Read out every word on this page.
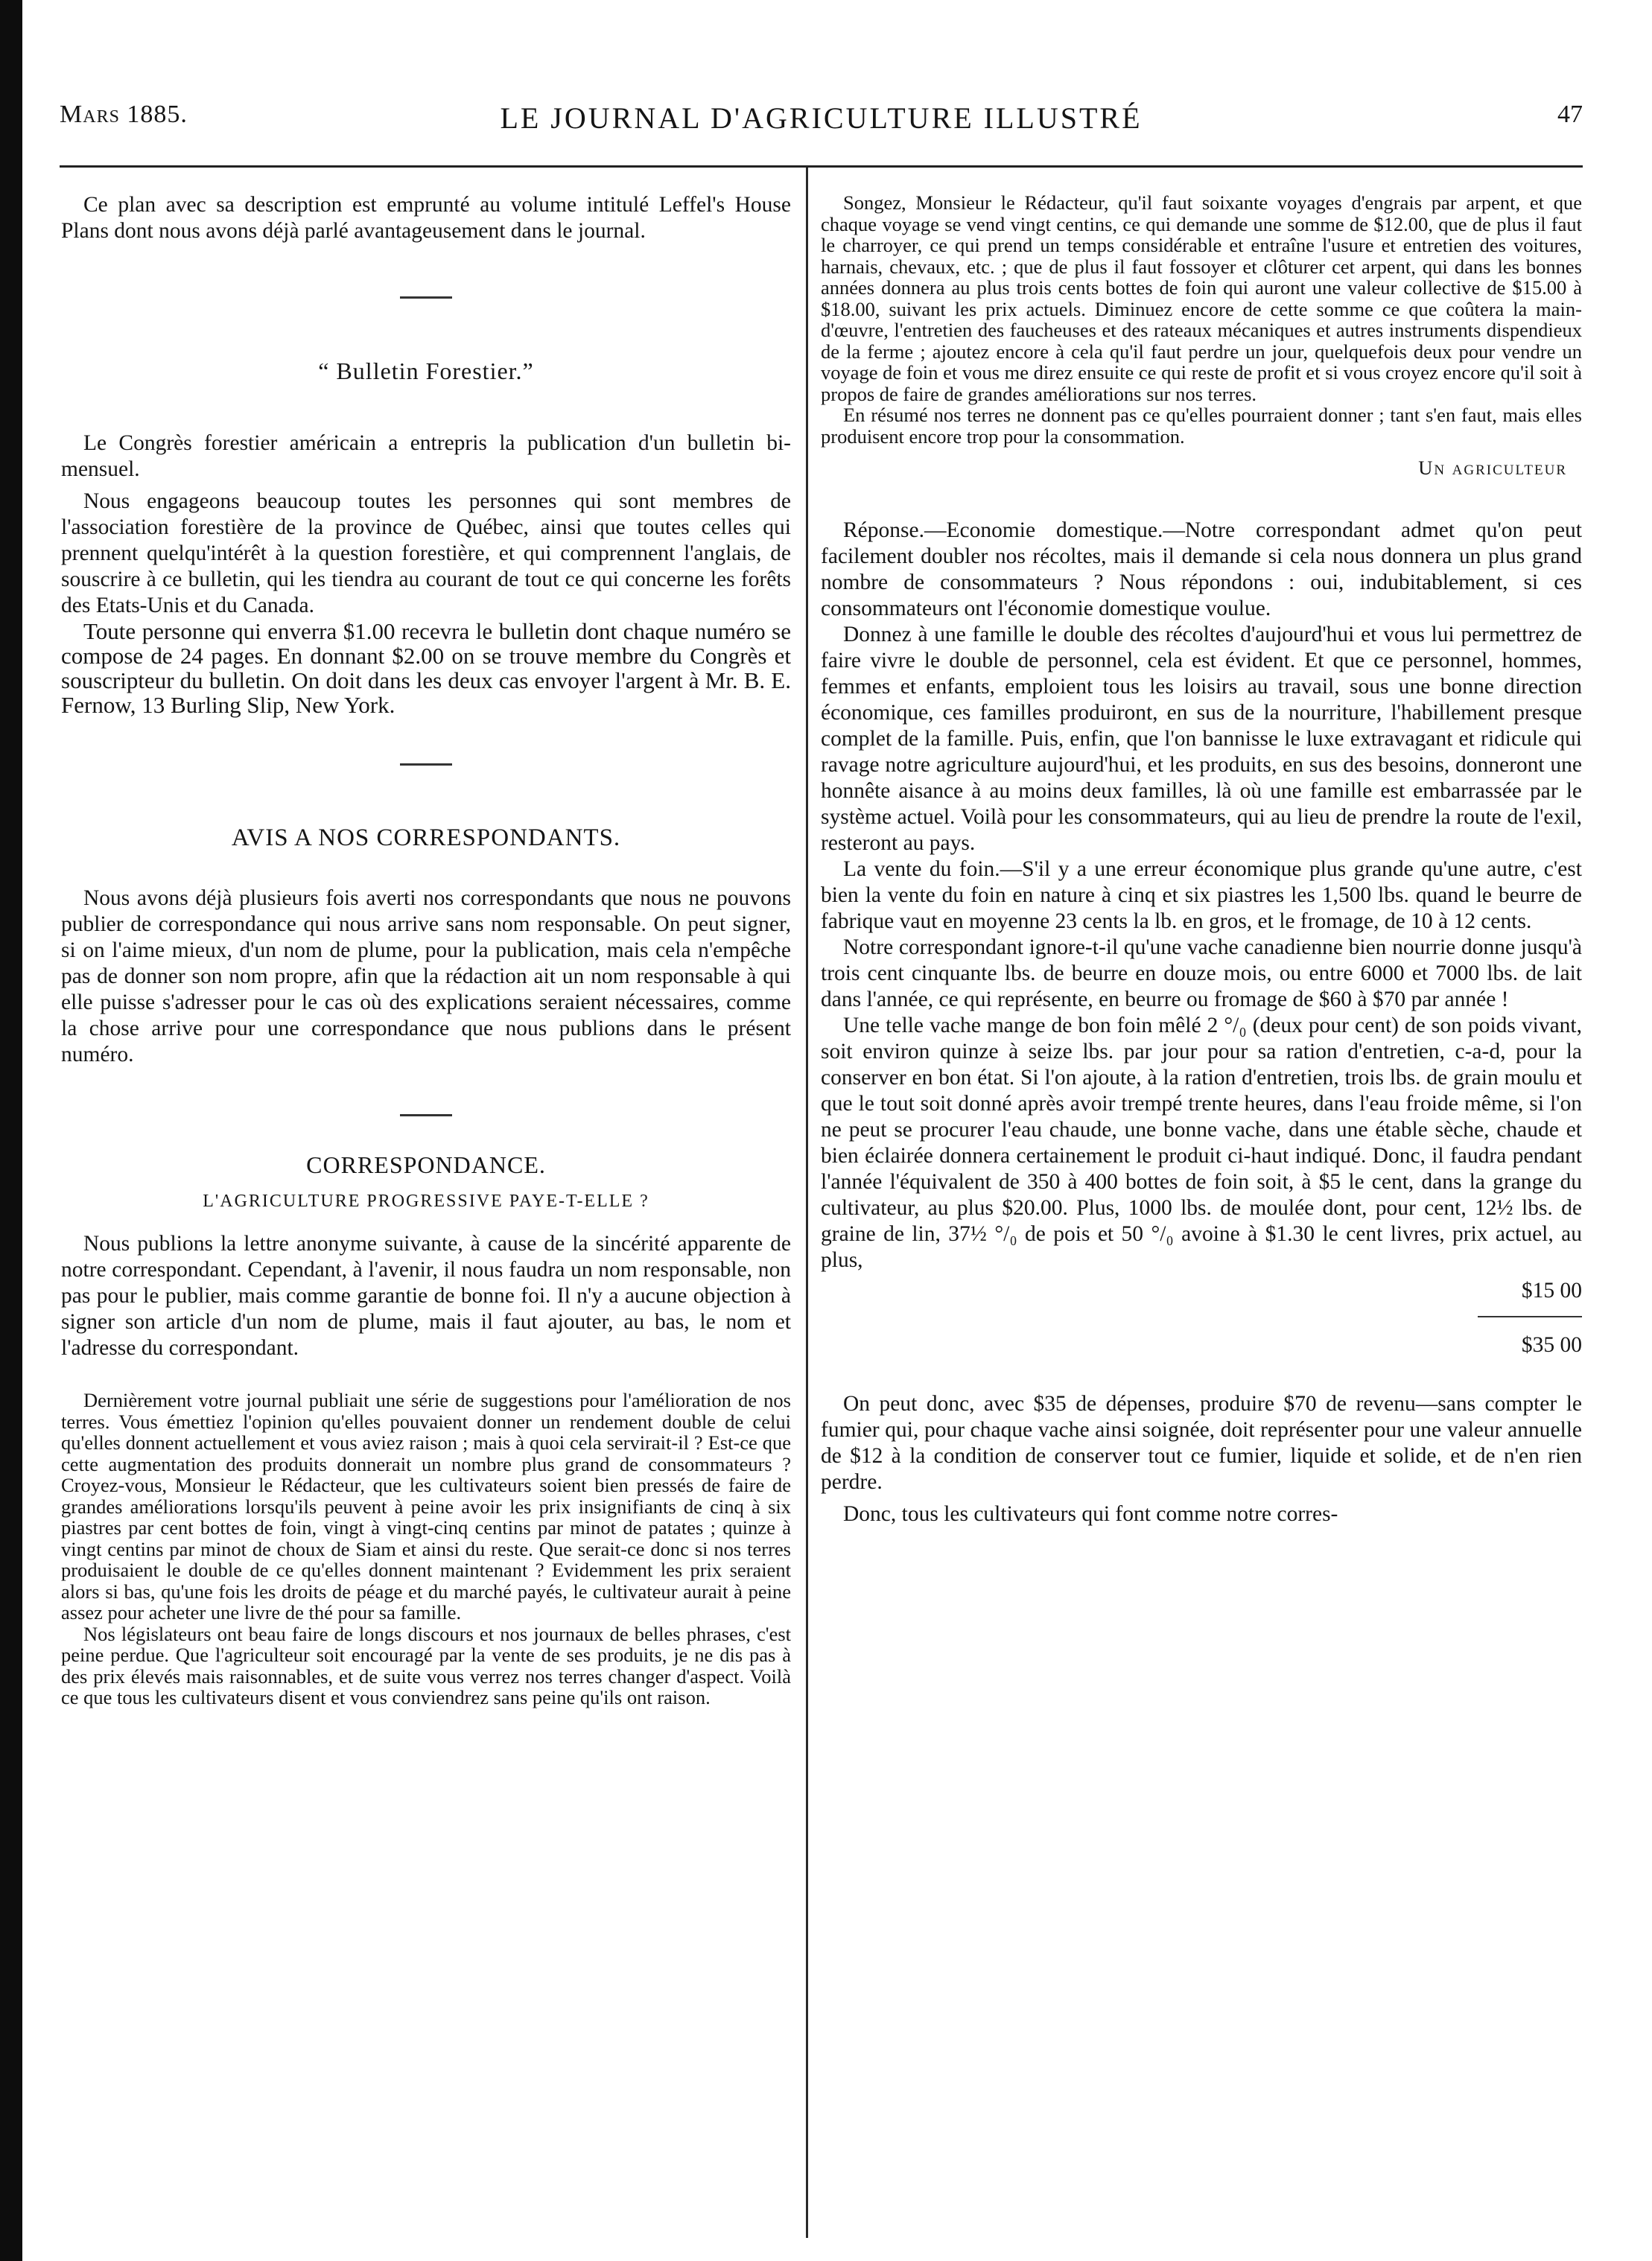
Mars 1885.	LE JOURNAL D'AGRICULTURE ILLUSTRÉ	47

Ce plan avec sa description est emprunté au volume intitulé Leffel's House Plans dont nous avons déjà parlé avantageusement dans le journal.

“ Bulletin Forestier.”

Le Congrès forestier américain a entrepris la publication d'un bulletin bi-mensuel.

Nous engageons beaucoup toutes les personnes qui sont membres de l'association forestière de la province de Québec, ainsi que toutes celles qui prennent quelqu'intérêt à la question forestière, et qui comprennent l'anglais, de souscrire à ce bulletin, qui les tiendra au courant de tout ce qui concerne les forêts des Etats-Unis et du Canada.

Toute personne qui enverra $1.00 recevra le bulletin dont chaque numéro se compose de 24 pages. En donnant $2.00 on se trouve membre du Congrès et souscripteur du bulletin. On doit dans les deux cas envoyer l'argent à Mr. B. E. Fernow, 13 Burling Slip, New York.

AVIS A NOS CORRESPONDANTS.

Nous avons déjà plusieurs fois averti nos correspondants que nous ne pouvons publier de correspondance qui nous arrive sans nom responsable. On peut signer, si on l'aime mieux, d'un nom de plume, pour la publication, mais cela n'empêche pas de donner son nom propre, afin que la rédaction ait un nom responsable à qui elle puisse s'adresser pour le cas où des explications seraient nécessaires, comme la chose arrive pour une correspondance que nous publions dans le présent numéro.

CORRESPONDANCE.

L'AGRICULTURE PROGRESSIVE PAYE-T-ELLE ?

Nous publions la lettre anonyme suivante, à cause de la sincérité apparente de notre correspondant. Cependant, à l'avenir, il nous faudra un nom responsable, non pas pour le publier, mais comme garantie de bonne foi. Il n'y a aucune objection à signer son article d'un nom de plume, mais il faut ajouter, au bas, le nom et l'adresse du correspondant.

Dernièrement votre journal publiait une série de suggestions pour l'amélioration de nos terres. Vous émettiez l'opinion qu'elles pouvaient donner un rendement double de celui qu'elles donnent actuellement et vous aviez raison ; mais à quoi cela servirait-il ? Est-ce que cette augmentation des produits donnerait un nombre plus grand de consommateurs ? Croyez-vous, Monsieur le Rédacteur, que les cultivateurs soient bien pressés de faire de grandes améliorations lorsqu'ils peuvent à peine avoir les prix insignifiants de cinq à six piastres par cent bottes de foin, vingt à vingt-cinq centins par minot de patates ; quinze à vingt centins par minot de choux de Siam et ainsi du reste. Que serait-ce donc si nos terres produisaient le double de ce qu'elles donnent maintenant ? Evidemment les prix seraient alors si bas, qu'une fois les droits de péage et du marché payés, le cultivateur aurait à peine assez pour acheter une livre de thé pour sa famille.

Nos législateurs ont beau faire de longs discours et nos journaux de belles phrases, c'est peine perdue. Que l'agriculteur soit encouragé par la vente de ses produits, je ne dis pas à des prix élevés mais raisonnables, et de suite vous verrez nos terres changer d'aspect. Voilà ce que tous les cultivateurs disent et vous conviendrez sans peine qu'ils ont raison.

Songez, Monsieur le Rédacteur, qu'il faut soixante voyages d'engrais par arpent, et que chaque voyage se vend vingt centins, ce qui demande une somme de $12.00, que de plus il faut le charroyer, ce qui prend un temps considérable et entraîne l'usure et entretien des voitures, harnais, chevaux, etc. ; que de plus il faut fossoyer et clôturer cet arpent, qui dans les bonnes années donnera au plus trois cents bottes de foin qui auront une valeur collective de $15.00 à $18.00, suivant les prix actuels. Diminuez encore de cette somme ce que coûtera la main-d'œuvre, l'entretien des faucheuses et des rateaux mécaniques et autres instruments dispendieux de la ferme ; ajoutez encore à cela qu'il faut perdre un jour, quelquefois deux pour vendre un voyage de foin et vous me direz ensuite ce qui reste de profit et si vous croyez encore qu'il soit à propos de faire de grandes améliorations sur nos terres.

En résumé nos terres ne donnent pas ce qu'elles pourraient donner ; tant s'en faut, mais elles produisent encore trop pour la consommation.

Un agriculteur

Réponse.—Economie domestique.—Notre correspondant admet qu'on peut facilement doubler nos récoltes, mais il demande si cela nous donnera un plus grand nombre de consommateurs ? Nous répondons : oui, indubitablement, si ces consommateurs ont l'économie domestique voulue.

Donnez à une famille le double des récoltes d'aujourd'hui et vous lui permettrez de faire vivre le double de personnel, cela est évident. Et que ce personnel, hommes, femmes et enfants, emploient tous les loisirs au travail, sous une bonne direction économique, ces familles produiront, en sus de la nourriture, l'habillement presque complet de la famille. Puis, enfin, que l'on bannisse le luxe extravagant et ridicule qui ravage notre agriculture aujourd'hui, et les produits, en sus des besoins, donneront une honnête aisance à au moins deux familles, là où une famille est embarrassée par le système actuel. Voilà pour les consommateurs, qui au lieu de prendre la route de l'exil, resteront au pays.

La vente du foin.—S'il y a une erreur économique plus grande qu'une autre, c'est bien la vente du foin en nature à cinq et six piastres les 1,500 lbs. quand le beurre de fabrique vaut en moyenne 23 cents la lb. en gros, et le fromage, de 10 à 12 cents.

Notre correspondant ignore-t-il qu'une vache canadienne bien nourrie donne jusqu'à trois cent cinquante lbs. de beurre en douze mois, ou entre 6000 et 7000 lbs. de lait dans l'année, ce qui représente, en beurre ou fromage de $60 à $70 par année !

Une telle vache mange de bon foin mêlé 2 °/₀ (deux pour cent) de son poids vivant, soit environ quinze à seize lbs. par jour pour sa ration d'entretien, c-a-d, pour la conserver en bon état. Si l'on ajoute, à la ration d'entretien, trois lbs. de grain moulu et que le tout soit donné après avoir trempé trente heures, dans l'eau froide même, si l'on ne peut se procurer l'eau chaude, une bonne vache, dans une étable sèche, chaude et bien éclairée donnera certainement le produit ci-haut indiqué. Donc, il faudra pendant l'année l'équivalent de 350 à 400 bottes de foin soit, à $5 le cent, dans la grange du cultivateur, au plus $20.00. Plus, 1000 lbs. de moulée dont, pour cent, 12½ lbs. de graine de lin, 37½ °/₀ de pois et 50 °/₀ avoine à $1.30 le cent livres, prix actuel, au plus,

$15 00

$35 00

On peut donc, avec $35 de dépenses, produire $70 de revenu—sans compter le fumier qui, pour chaque vache ainsi soignée, doit représenter pour une valeur annuelle de $12 à la condition de conserver tout ce fumier, liquide et solide, et de n'en rien perdre.

Donc, tous les cultivateurs qui font comme notre corres-
